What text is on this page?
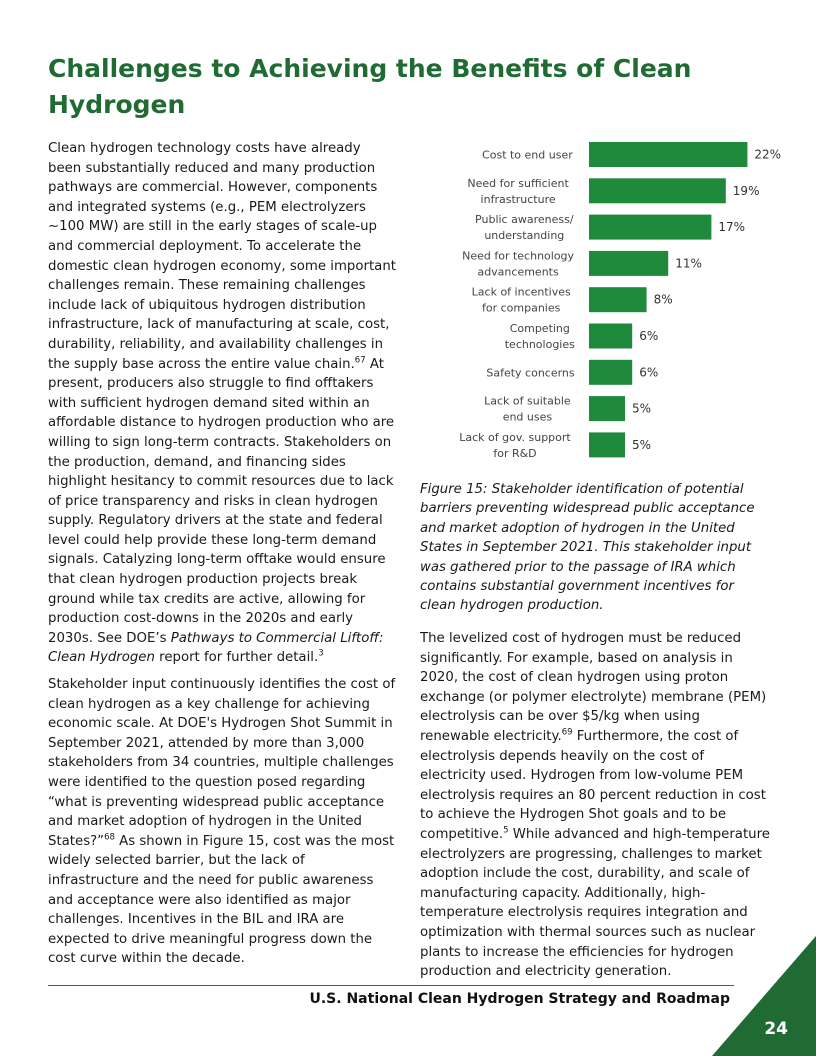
Challenges to Achieving the Benefits of Clean Hydrogen

Clean hydrogen technology costs have already been substantially reduced and many production pathways are commercial. However, components and integrated systems (e.g., PEM electrolyzers ~100 MW) are still in the early stages of scale-up and commercial deployment. To accelerate the domestic clean hydrogen economy, some important challenges remain. These remaining challenges include lack of ubiquitous hydrogen distribution infrastructure, lack of manufacturing at scale, cost, durability, reliability, and availability challenges in the supply base across the entire value chain.$^{67}$ At present, producers also struggle to find offtakers with sufficient hydrogen demand sited within an affordable distance to hydrogen production who are willing to sign long-term contracts. Stakeholders on the production, demand, and financing sides highlight hesitancy to commit resources due to lack of price transparency and risks in clean hydrogen supply. Regulatory drivers at the state and federal level could help provide these long-term demand signals. Catalyzing long-term offtake would ensure that clean hydrogen production projects break ground while tax credits are active, allowing for production cost-downs in the 2020s and early 2030s. See DOE’s Pathways to Commercial Liftoff: Clean Hydrogen report for further detail.$^3$

Stakeholder input continuously identifies the cost of clean hydrogen as a key challenge for achieving economic scale. At DOE's Hydrogen Shot Summit in September 2021, attended by more than 3,000 stakeholders from 34 countries, multiple challenges were identified to the question posed regarding “what is preventing widespread public acceptance and market adoption of hydrogen in the United States?”$^{68}$ As shown in Figure 15, cost was the most widely selected barrier, but the lack of infrastructure and the need for public awareness and acceptance were also identified as major challenges. Incentives in the BIL and IRA are expected to drive meaningful progress down the cost curve within the decade.

22%
Cost to end user
19%
Need for sufficient infrastructure
17%
Public awareness/ understanding
11%
Need for technology advancements
8%
Lack of incentives for companies
6%
Competing technologies
6%
Safety concerns
5%
Lack of suitable end uses
5%
Lack of gov. support for R&D

Figure 15: Stakeholder identification of potential barriers preventing widespread public acceptance and market adoption of hydrogen in the United States in September 2021. This stakeholder input was gathered prior to the passage of IRA which contains substantial government incentives for clean hydrogen production.

The levelized cost of hydrogen must be reduced significantly. For example, based on analysis in 2020, the cost of clean hydrogen using proton exchange (or polymer electrolyte) membrane (PEM) electrolysis can be over $5/kg when using renewable electricity.$^{69}$ Furthermore, the cost of electrolysis depends heavily on the cost of electricity used. Hydrogen from low-volume PEM electrolysis requires an 80 percent reduction in cost to achieve the Hydrogen Shot goals and to be competitive.$^5$ While advanced and high-temperature electrolyzers are progressing, challenges to market adoption include the cost, durability, and scale of manufacturing capacity. Additionally, high-temperature electrolysis requires integration and optimization with thermal sources such as nuclear plants to increase the efficiencies for hydrogen production and electricity generation.

U.S. National Clean Hydrogen Strategy and Roadmap

24
